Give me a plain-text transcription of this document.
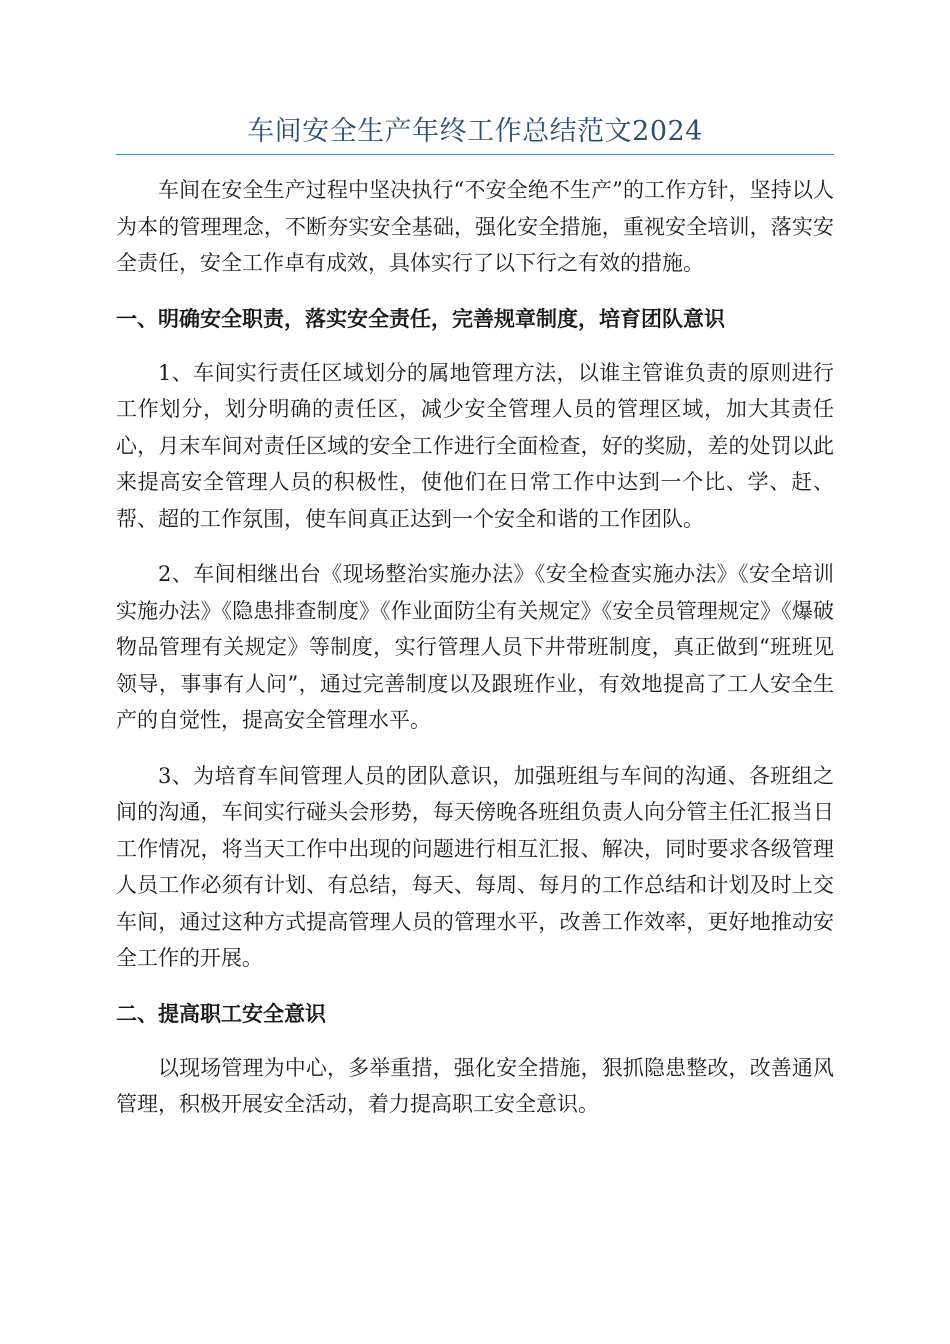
车间安全生产年终工作总结范文2024

车间在安全生产过程中坚决执行“不安全绝不生产”的工作方针，坚持以人为本的管理理念，不断夯实安全基础，强化安全措施，重视安全培训，落实安全责任，安全工作卓有成效，具体实行了以下行之有效的措施。

一、明确安全职责，落实安全责任，完善规章制度，培育团队意识

1、车间实行责任区域划分的属地管理方法，以谁主管谁负责的原则进行工作划分，划分明确的责任区，减少安全管理人员的管理区域，加大其责任心，月末车间对责任区域的安全工作进行全面检查，好的奖励，差的处罚以此来提高安全管理人员的积极性，使他们在日常工作中达到一个比、学、赶、帮、超的工作氛围，使车间真正达到一个安全和谐的工作团队。

2、车间相继出台《现场整治实施办法》《安全检查实施办法》《安全培训实施办法》《隐患排查制度》《作业面防尘有关规定》《安全员管理规定》《爆破物品管理有关规定》等制度，实行管理人员下井带班制度，真正做到“班班见领导，事事有人问”，通过完善制度以及跟班作业，有效地提高了工人安全生产的自觉性，提高安全管理水平。

3、为培育车间管理人员的团队意识，加强班组与车间的沟通、各班组之间的沟通，车间实行碰头会形势，每天傍晚各班组负责人向分管主任汇报当日工作情况，将当天工作中出现的问题进行相互汇报、解决，同时要求各级管理人员工作必须有计划、有总结，每天、每周、每月的工作总结和计划及时上交车间，通过这种方式提高管理人员的管理水平，改善工作效率，更好地推动安全工作的开展。

二、提高职工安全意识

以现场管理为中心，多举重措，强化安全措施，狠抓隐患整改，改善通风管理，积极开展安全活动，着力提高职工安全意识。
